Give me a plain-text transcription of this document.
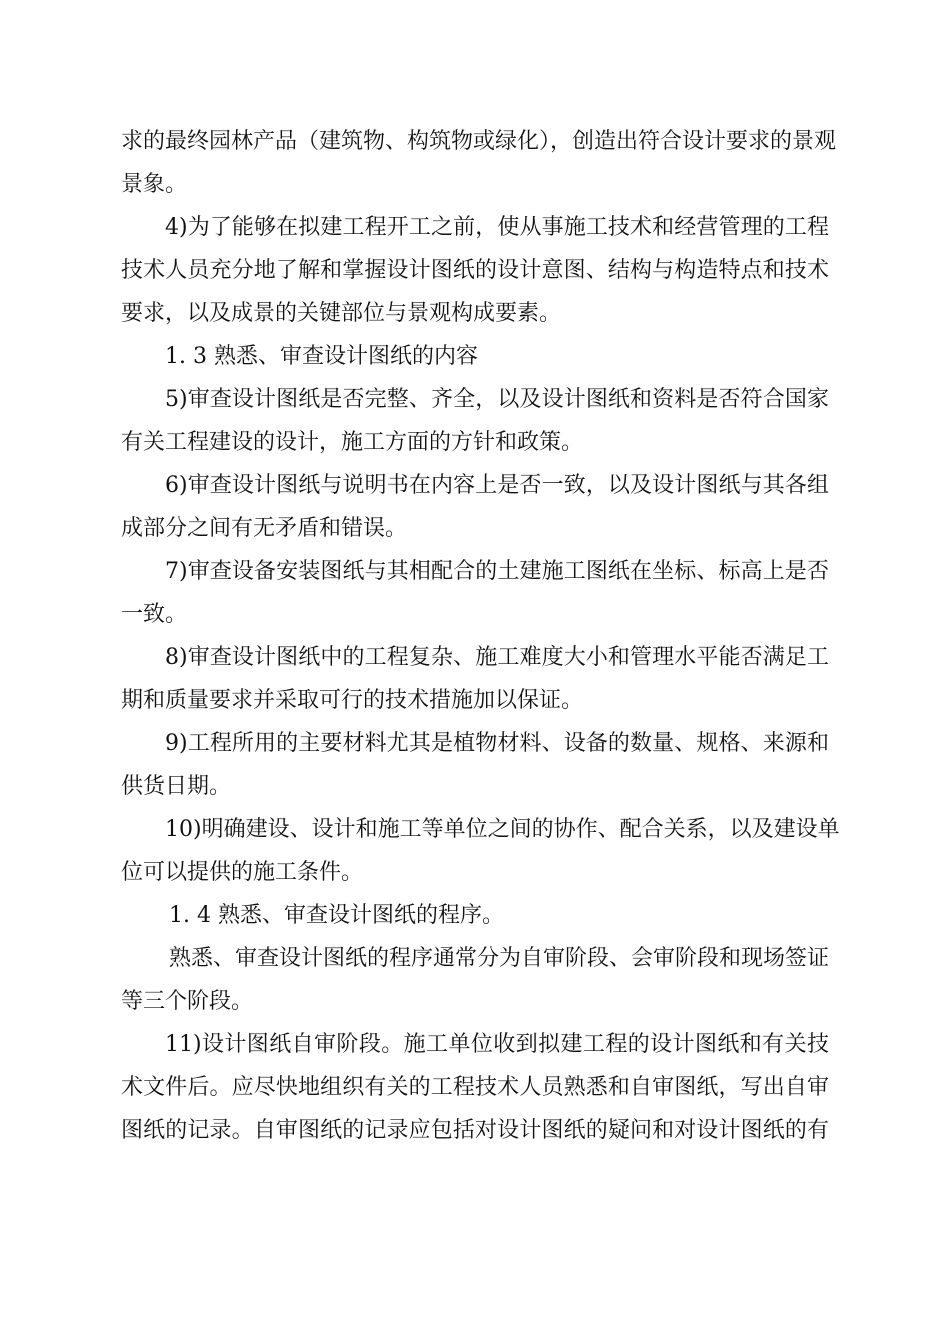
求的最终园林产品（建筑物、构筑物或绿化），创造出符合设计要求的景观
景象。
4)为了能够在拟建工程开工之前，使从事施工技术和经营管理的工程
技术人员充分地了解和掌握设计图纸的设计意图、结构与构造特点和技术
要求，以及成景的关键部位与景观构成要素。
1. 3 熟悉、审查设计图纸的内容
5)审查设计图纸是否完整、齐全，以及设计图纸和资料是否符合国家
有关工程建设的设计，施工方面的方针和政策。
6)审查设计图纸与说明书在内容上是否一致，以及设计图纸与其各组
成部分之间有无矛盾和错误。
7)审查设备安装图纸与其相配合的土建施工图纸在坐标、标高上是否
一致。
8)审查设计图纸中的工程复杂、施工难度大小和管理水平能否满足工
期和质量要求并采取可行的技术措施加以保证。
9)工程所用的主要材料尤其是植物材料、设备的数量、规格、来源和
供货日期。
10)明确建设、设计和施工等单位之间的协作、配合关系，以及建设单
位可以提供的施工条件。
1. 4 熟悉、审查设计图纸的程序。
熟悉、审查设计图纸的程序通常分为自审阶段、会审阶段和现场签证
等三个阶段。
11)设计图纸自审阶段。施工单位收到拟建工程的设计图纸和有关技
术文件后。应尽快地组织有关的工程技术人员熟悉和自审图纸，写出自审
图纸的记录。自审图纸的记录应包括对设计图纸的疑问和对设计图纸的有
